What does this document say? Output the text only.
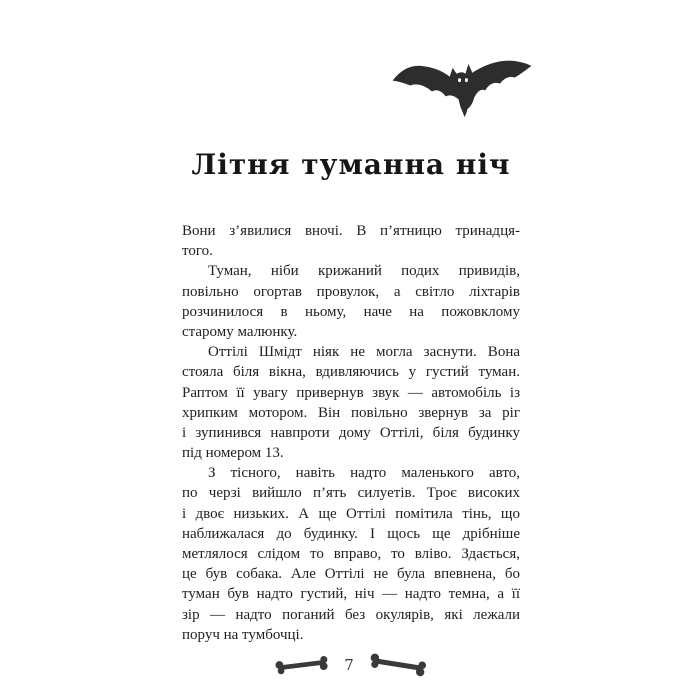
Літня туманна ніч
Вони з’явилися вночі. В п’ятницю тринадця-
того.
Туман, ніби крижаний подих привидів,
повільно огортав провулок, а світло ліхтарів
розчинилося в ньому, наче на пожовклому
старому малюнку.
Оттілі Шмідт ніяк не могла заснути. Вона
стояла біля вікна, вдивляючись у густий туман.
Раптом її увагу привернув звук — автомобіль із
хрипким мотором. Він повільно звернув за ріг
і зупинився навпроти дому Оттілі, біля будинку
під номером 13.
З тісного, навіть надто маленького авто,
по черзі вийшло п’ять силуетів. Троє високих
і двоє низьких. А ще Оттілі помітила тінь, що
наближалася до будинку. І щось ще дрібніше
метлялося слідом то вправо, то вліво. Здається,
це був собака. Але Оттілі не була впевнена, бо
туман був надто густий, ніч — надто темна, а її
зір — надто поганий без окулярів, які лежали
поруч на тумбочці.
7
